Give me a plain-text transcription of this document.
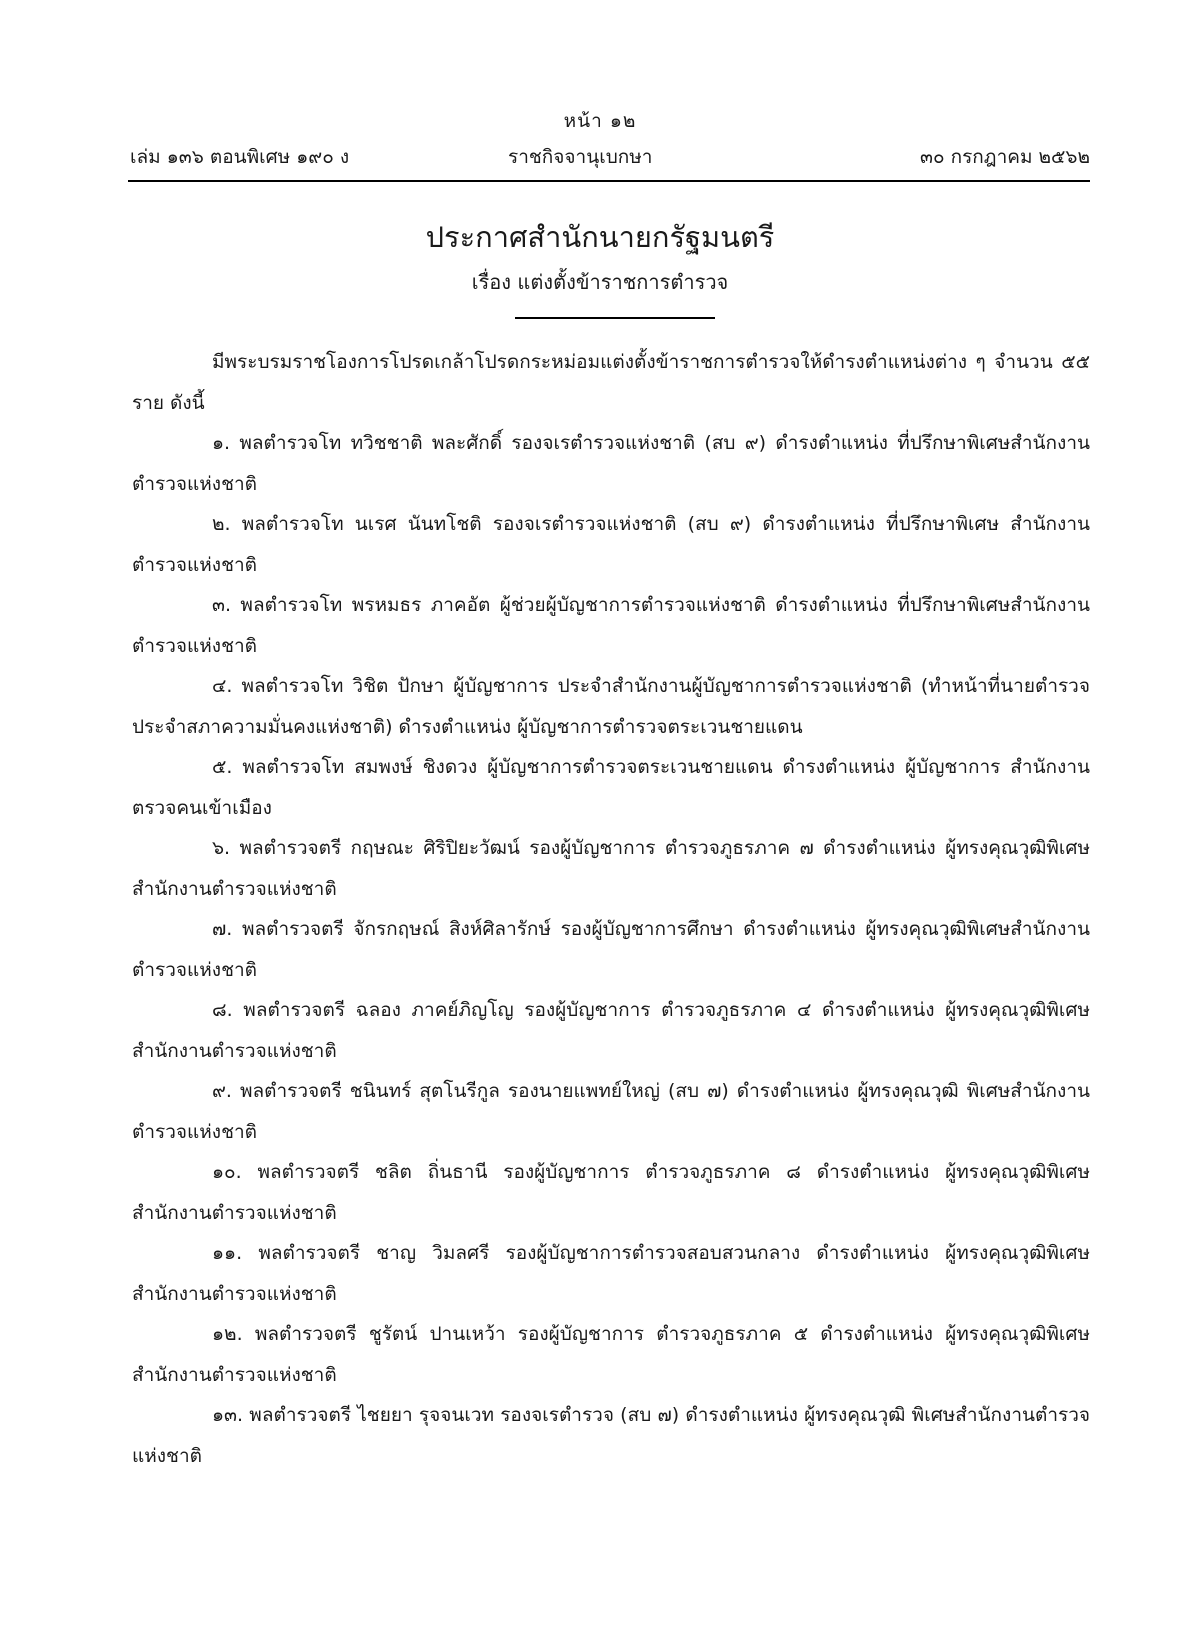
หน้า ๑๒
เล่ม ๑๓๖ ตอนพิเศษ ๑๙๐ ง	ราชกิจจานุเบกษา	๓๐ กรกฎาคม ๒๕๖๒
ประกาศสำนักนายกรัฐมนตรี
เรื่อง แต่งตั้งข้าราชการตำรวจ

มีพระบรมราชโองการโปรดเกล้าโปรดกระหม่อมแต่งตั้งข้าราชการตำรวจให้ดำรงตำแหน่งต่าง ๆ จำนวน ๕๕ ราย ดังนี้

๑. พลตำรวจโท ทวิชชาติ พละศักดิ์ รองจเรตำรวจแห่งชาติ (สบ ๙) ดำรงตำแหน่ง ที่ปรึกษาพิเศษสำนักงานตำรวจแห่งชาติ

๒. พลตำรวจโท นเรศ นันทโชติ รองจเรตำรวจแห่งชาติ (สบ ๙) ดำรงตำแหน่ง ที่ปรึกษาพิเศษ สำนักงานตำรวจแห่งชาติ

๓. พลตำรวจโท พรหมธร ภาคอัต ผู้ช่วยผู้บัญชาการตำรวจแห่งชาติ ดำรงตำแหน่ง ที่ปรึกษาพิเศษสำนักงานตำรวจแห่งชาติ

๔. พลตำรวจโท วิชิต ปักษา ผู้บัญชาการ ประจำสำนักงานผู้บัญชาการตำรวจแห่งชาติ (ทำหน้าที่นายตำรวจประจำสภาความมั่นคงแห่งชาติ) ดำรงตำแหน่ง ผู้บัญชาการตำรวจตระเวนชายแดน

๕. พลตำรวจโท สมพงษ์ ชิงดวง ผู้บัญชาการตำรวจตระเวนชายแดน ดำรงตำแหน่ง ผู้บัญชาการ สำนักงานตรวจคนเข้าเมือง

๖. พลตำรวจตรี กฤษณะ ศิริปิยะวัฒน์ รองผู้บัญชาการ ตำรวจภูธรภาค ๗ ดำรงตำแหน่ง ผู้ทรงคุณวุฒิพิเศษสำนักงานตำรวจแห่งชาติ

๗. พลตำรวจตรี จักรกฤษณ์ สิงห์ศิลารักษ์ รองผู้บัญชาการศึกษา ดำรงตำแหน่ง ผู้ทรงคุณวุฒิพิเศษสำนักงานตำรวจแห่งชาติ

๘. พลตำรวจตรี ฉลอง ภาคย์ภิญโญ รองผู้บัญชาการ ตำรวจภูธรภาค ๔ ดำรงตำแหน่ง ผู้ทรงคุณวุฒิพิเศษสำนักงานตำรวจแห่งชาติ

๙. พลตำรวจตรี ชนินทร์ สุตโนรีกูล รองนายแพทย์ใหญ่ (สบ ๗) ดำรงตำแหน่ง ผู้ทรงคุณวุฒิ พิเศษสำนักงานตำรวจแห่งชาติ

๑๐. พลตำรวจตรี ชลิต ถิ่นธานี รองผู้บัญชาการ ตำรวจภูธรภาค ๘ ดำรงตำแหน่ง ผู้ทรงคุณวุฒิพิเศษสำนักงานตำรวจแห่งชาติ

๑๑. พลตำรวจตรี ชาญ วิมลศรี รองผู้บัญชาการตำรวจสอบสวนกลาง ดำรงตำแหน่ง ผู้ทรงคุณวุฒิพิเศษสำนักงานตำรวจแห่งชาติ

๑๒. พลตำรวจตรี ชูรัตน์ ปานเหว้า รองผู้บัญชาการ ตำรวจภูธรภาค ๕ ดำรงตำแหน่ง ผู้ทรงคุณวุฒิพิเศษสำนักงานตำรวจแห่งชาติ

๑๓. พลตำรวจตรี ไชยยา รุจจนเวท รองจเรตำรวจ (สบ ๗) ดำรงตำแหน่ง ผู้ทรงคุณวุฒิ พิเศษสำนักงานตำรวจแห่งชาติ
